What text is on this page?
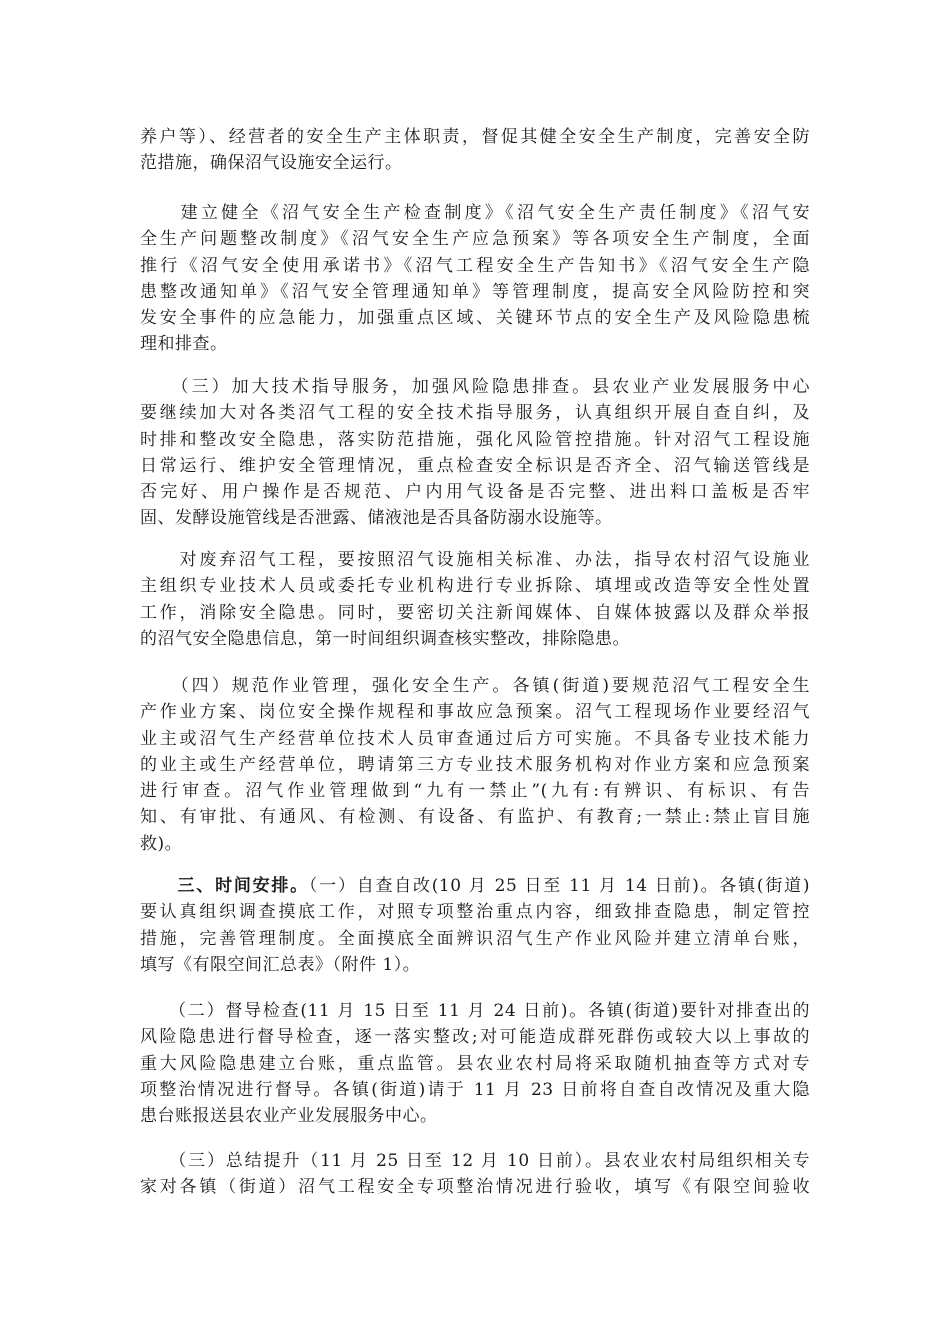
养户等）、经营者的安全生产主体职责，督促其健全安全生产制度，完善安全防
范措施，确保沼气设施安全运行。
　　建立健全《沼气安全生产检查制度》《沼气安全生产责任制度》《沼气安
全生产问题整改制度》《沼气安全生产应急预案》等各项安全生产制度，全面
推行《沼气安全使用承诺书》《沼气工程安全生产告知书》《沼气安全生产隐
患整改通知单》《沼气安全管理通知单》等管理制度，提高安全风险防控和突
发安全事件的应急能力，加强重点区域、关键环节点的安全生产及风险隐患梳
理和排查。
　　（三）加大技术指导服务，加强风险隐患排查。县农业产业发展服务中心
要继续加大对各类沼气工程的安全技术指导服务，认真组织开展自查自纠，及
时排和整改安全隐患，落实防范措施，强化风险管控措施。针对沼气工程设施
日常运行、维护安全管理情况，重点检查安全标识是否齐全、沼气输送管线是
否完好、用户操作是否规范、户内用气设备是否完整、进出料口盖板是否牢
固、发酵设施管线是否泄露、储液池是否具备防溺水设施等。
　　对废弃沼气工程，要按照沼气设施相关标准、办法，指导农村沼气设施业
主组织专业技术人员或委托专业机构进行专业拆除、填埋或改造等安全性处置
工作，消除安全隐患。同时，要密切关注新闻媒体、自媒体披露以及群众举报
的沼气安全隐患信息，第一时间组织调查核实整改，排除隐患。
　　（四）规范作业管理，强化安全生产。各镇(街道)要规范沼气工程安全生
产作业方案、岗位安全操作规程和事故应急预案。沼气工程现场作业要经沼气
业主或沼气生产经营单位技术人员审查通过后方可实施。不具备专业技术能力
的业主或生产经营单位，聘请第三方专业技术服务机构对作业方案和应急预案
进行审查。沼气作业管理做到“九有一禁止”(九有:有辨识、有标识、有告
知、有审批、有通风、有检测、有设备、有监护、有教育;一禁止:禁止盲目施
救)。
　　三、时间安排。（一）自查自改(10 月 25 日至 11 月 14 日前)。各镇(街道)
要认真组织调查摸底工作，对照专项整治重点内容，细致排查隐患，制定管控
措施，完善管理制度。全面摸底全面辨识沼气生产作业风险并建立清单台账，
填写《有限空间汇总表》（附件 1）。
　　（二）督导检查(11 月 15 日至 11 月 24 日前)。各镇(街道)要针对排查出的
风险隐患进行督导检查，逐一落实整改;对可能造成群死群伤或较大以上事故的
重大风险隐患建立台账，重点监管。县农业农村局将采取随机抽查等方式对专
项整治情况进行督导。各镇(街道)请于 11 月 23 日前将自查自改情况及重大隐
患台账报送县农业产业发展服务中心。
　　（三）总结提升（11 月 25 日至 12 月 10 日前）。县农业农村局组织相关专
家对各镇（街道）沼气工程安全专项整治情况进行验收，填写《有限空间验收
